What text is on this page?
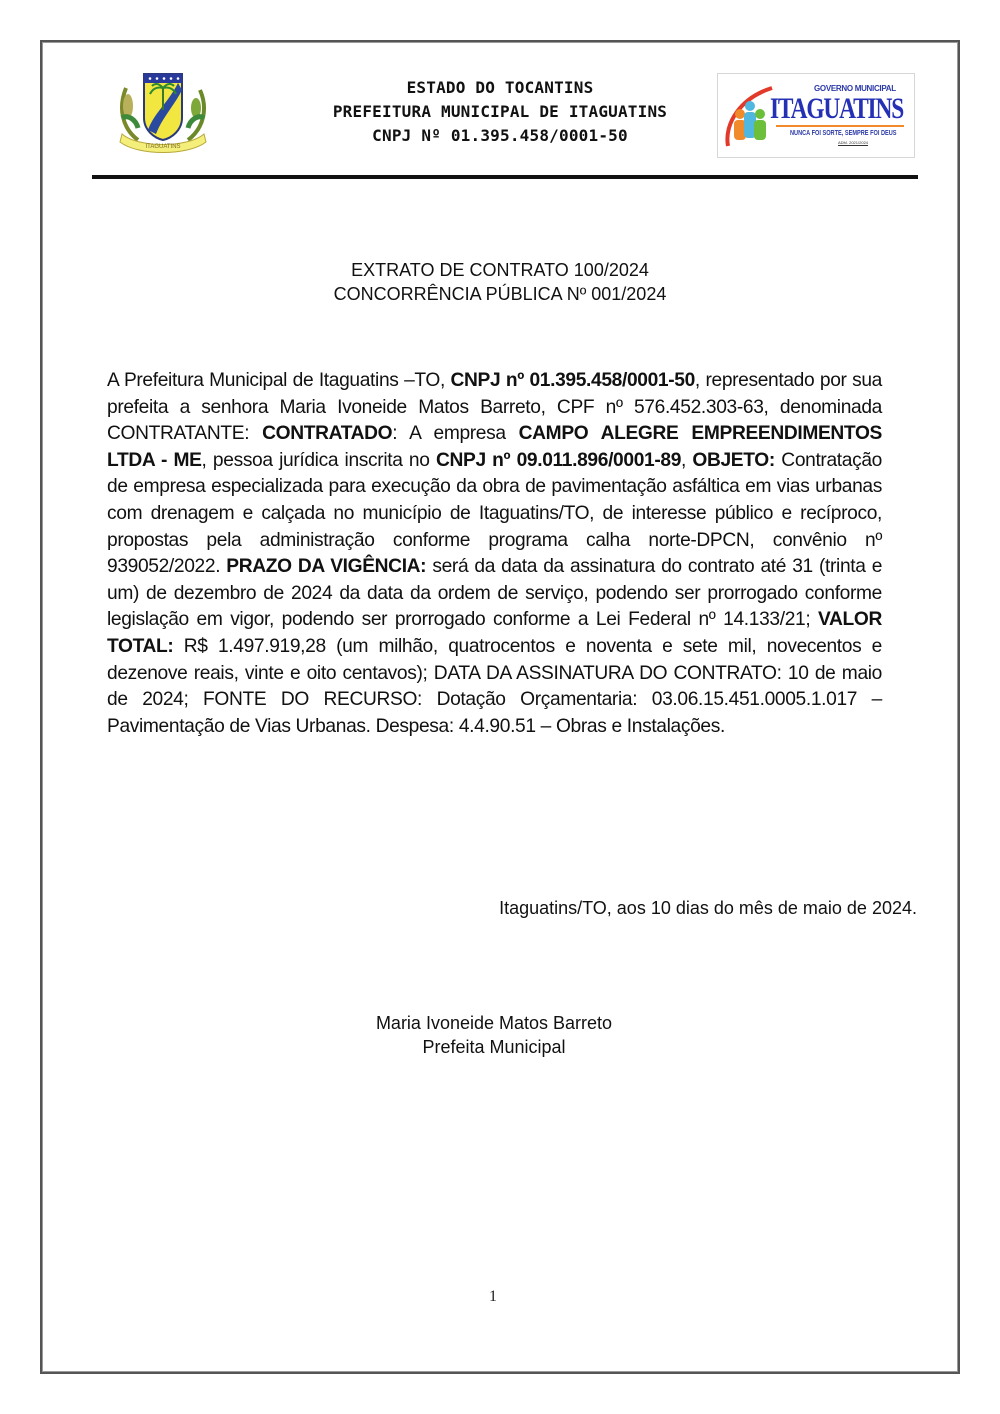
ITAGUATINS
ESTADO DO TOCANTINS
PREFEITURA MUNICIPAL DE ITAGUATINS
CNPJ Nº 01.395.458/0001-50
GOVERNO MUNICIPAL
ITAGUATINS
NUNCA FOI SORTE, SEMPRE FOI DEUS
ADM. 2021/2024
EXTRATO DE CONTRATO 100/2024
CONCORRÊNCIA PÚBLICA Nº 001/2024
A Prefeitura Municipal de Itaguatins –TO, CNPJ nº 01.395.458/0001-50, representado por sua prefeita a senhora Maria Ivoneide Matos Barreto, CPF nº 576.452.303-63, denominada CONTRATANTE: CONTRATADO: A empresa CAMPO ALEGRE EMPREENDIMENTOS LTDA - ME, pessoa jurídica inscrita no CNPJ nº 09.011.896/0001-89, OBJETO: Contratação de empresa especializada para execução da obra de pavimentação asfáltica em vias urbanas com drenagem e calçada no município de Itaguatins/TO, de interesse público e recíproco, propostas pela administração conforme programa calha norte-DPCN, convênio nº 939052/2022. PRAZO DA VIGÊNCIA: será da data da assinatura do contrato até 31 (trinta e um) de dezembro de 2024 da data da ordem de serviço, podendo ser prorrogado conforme legislação em vigor, podendo ser prorrogado conforme a Lei Federal nº 14.133/21; VALOR TOTAL: R$ 1.497.919,28 (um milhão, quatrocentos e noventa e sete mil, novecentos e dezenove reais, vinte e oito centavos); DATA DA ASSINATURA DO CONTRATO: 10 de maio de 2024; FONTE DO RECURSO: Dotação Orçamentaria: 03.06.15.451.0005.1.017 – Pavimentação de Vias Urbanas. Despesa: 4.4.90.51 – Obras e Instalações.
Itaguatins/TO, aos 10 dias do mês de maio de 2024.
Maria Ivoneide Matos Barreto
Prefeita Municipal
1
